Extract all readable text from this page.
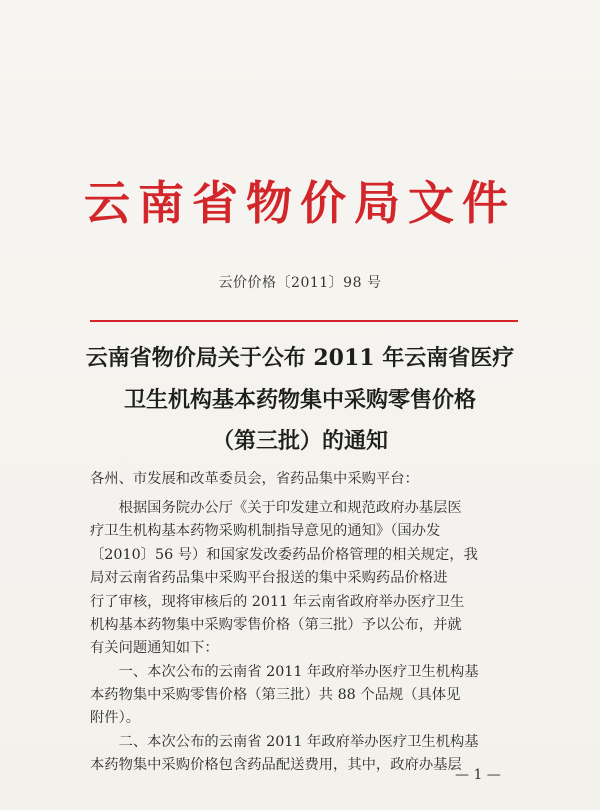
云南省物价局文件
云价价格〔2011〕98 号
云南省物价局关于公布 2011 年云南省医疗
卫生机构基本药物集中采购零售价格
（第三批）的通知
各州、市发展和改革委员会，省药品集中采购平台：
　　根据国务院办公厅《关于印发建立和规范政府办基层医
疗卫生机构基本药物采购机制指导意见的通知》（国办发
〔2010〕56 号）和国家发改委药品价格管理的相关规定，我
局对云南省药品集中采购平台报送的集中采购药品价格进
行了审核，现将审核后的 2011 年云南省政府举办医疗卫生
机构基本药物集中采购零售价格（第三批）予以公布，并就
有关问题通知如下：
　　一、本次公布的云南省 2011 年政府举办医疗卫生机构基
本药物集中采购零售价格（第三批）共 88 个品规（具体见
附件）。
　　二、本次公布的云南省 2011 年政府举办医疗卫生机构基
本药物集中采购价格包含药品配送费用，其中，政府办基层
— 1 —
